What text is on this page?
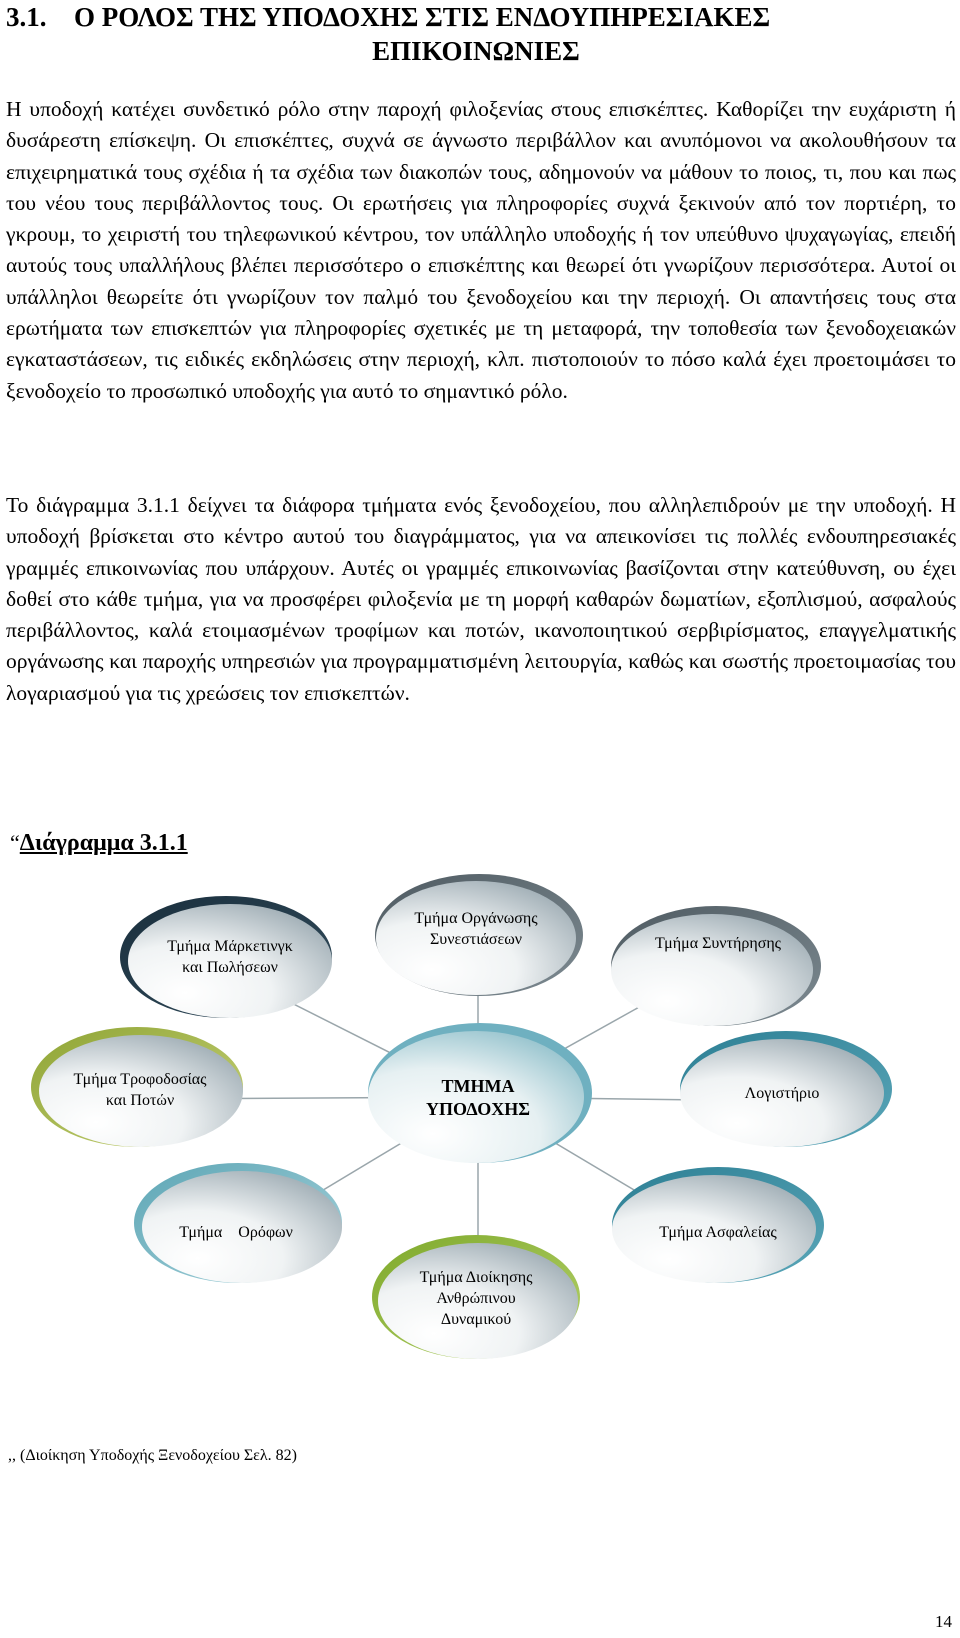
3.1. Ο ΡΟΛΟΣ ΤΗΣ ΥΠΟΔΟΧΗΣ ΣΤΙΣ ΕΝΔΟΥΠΗΡΕΣΙΑΚΕΣ
ΕΠΙΚΟΙΝΩΝΙΕΣ

Η υποδοχή κατέχει συνδετικό ρόλο στην παροχή φιλοξενίας στους επισκέπτες. Καθορίζει την ευχάριστη ή δυσάρεστη επίσκεψη. Οι επισκέπτες, συχνά σε άγνωστο περιβάλλον και ανυπόμονοι να ακολουθήσουν τα επιχειρηματικά τους σχέδια ή τα σχέδια των διακοπών τους, αδημονούν να μάθουν το ποιος, τι, που και πως του νέου τους περιβάλλοντος τους. Οι ερωτήσεις για πληροφορίες συχνά ξεκινούν από τον πορτιέρη, το γκρουμ, το χειριστή του τηλεφωνικού κέντρου, τον υπάλληλο υποδοχής ή τον υπεύθυνο ψυχαγωγίας, επειδή αυτούς τους υπαλλήλους βλέπει περισσότερο ο επισκέπτης και θεωρεί ότι γνωρίζουν περισσότερα. Αυτοί οι υπάλληλοι θεωρείτε ότι γνωρίζουν τον παλμό του ξενοδοχείου και την περιοχή. Οι απαντήσεις τους στα ερωτήματα των επισκεπτών για πληροφορίες σχετικές με τη μεταφορά, την τοποθεσία των ξενοδοχειακών εγκαταστάσεων, τις ειδικές εκδηλώσεις στην περιοχή, κλπ. πιστοποιούν το πόσο καλά έχει προετοιμάσει το ξενοδοχείο το προσωπικό υποδοχής για αυτό το σημαντικό ρόλο.

Το διάγραμμα 3.1.1 δείχνει τα διάφορα τμήματα ενός ξενοδοχείου, που αλληλεπιδρούν με την υποδοχή. Η υποδοχή βρίσκεται στο κέντρο αυτού του διαγράμματος, για να απεικονίσει τις πολλές ενδουπηρεσιακές γραμμές επικοινωνίας που υπάρχουν. Αυτές οι γραμμές επικοινωνίας βασίζονται στην κατεύθυνση, ου έχει δοθεί στο κάθε τμήμα, για να προσφέρει φιλοξενία με τη μορφή καθαρών δωματίων, εξοπλισμού, ασφαλούς περιβάλλοντος, καλά ετοιμασμένων τροφίμων και ποτών, ικανοποιητικού σερβιρίσματος, επαγγελματικής οργάνωσης και παροχής υπηρεσιών για προγραμματισμένη λειτουργία, καθώς και σωστής προετοιμασίας του λογαριασμού για τις χρεώσεις τον επισκεπτών.

“Διάγραμμα 3.1.1
Τμήμα Οργάνωσης
Συνεστιάσεων	Τμήμα Συντήρησης
Λογιστήριο
Τμήμα Ασφαλείας
Τμήμα Διοίκησης
Ανθρώπινου
Δυναμικού
Τμήμα    Ορόφων
Τμήμα Τροφοδοσίας
και Ποτών
Τμήμα Μάρκετινγκ
και Πωλήσεων
ΤΜΗΜΑ
ΥΠΟΔΟΧΗΣ
,, (Διοίκηση Υποδοχής Ξενοδοχείου Σελ. 82)
14
